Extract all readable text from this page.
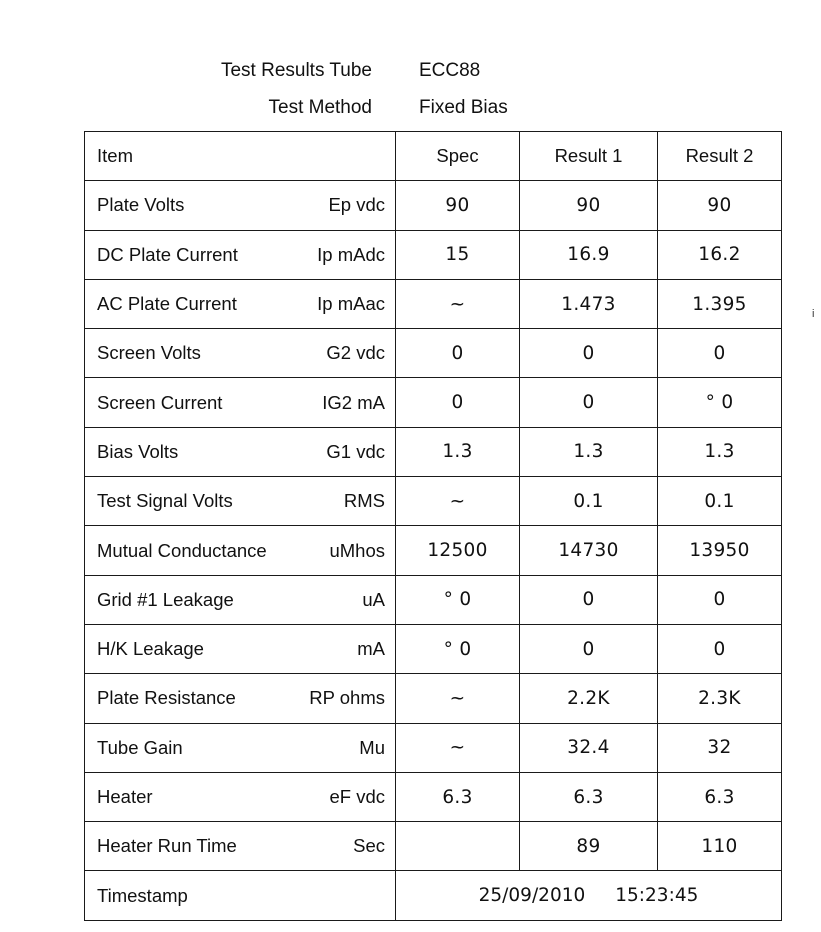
Test Results Tube ECC88
Test Method Fixed Bias
i
Item	Spec	Result 1	Result 2

Plate Volts Ep vdc	90	90	90

DC Plate Current Ip mAdc	15	16.9	16.2

AC Plate Current Ip mAac	~	1.473	1.395

Screen Volts G2 vdc	0	0	0

Screen Current IG2 mA	0	0	° 0

Bias Volts G1 vdc	1.3	1.3	1.3

Test Signal Volts RMS	~	0.1	0.1

Mutual Conductance uMhos	12500	14730	13950

Grid #1 Leakage uA	° 0	0	0

H/K Leakage mA	° 0	0	0

Plate Resistance RP ohms	~	2.2K	2.3K

Tube Gain Mu	~	32.4	32

Heater eF vdc	6.3	6.3	6.3

Heater Run Time Sec		89	110

Timestamp	25/09/2010 15:23:45		
